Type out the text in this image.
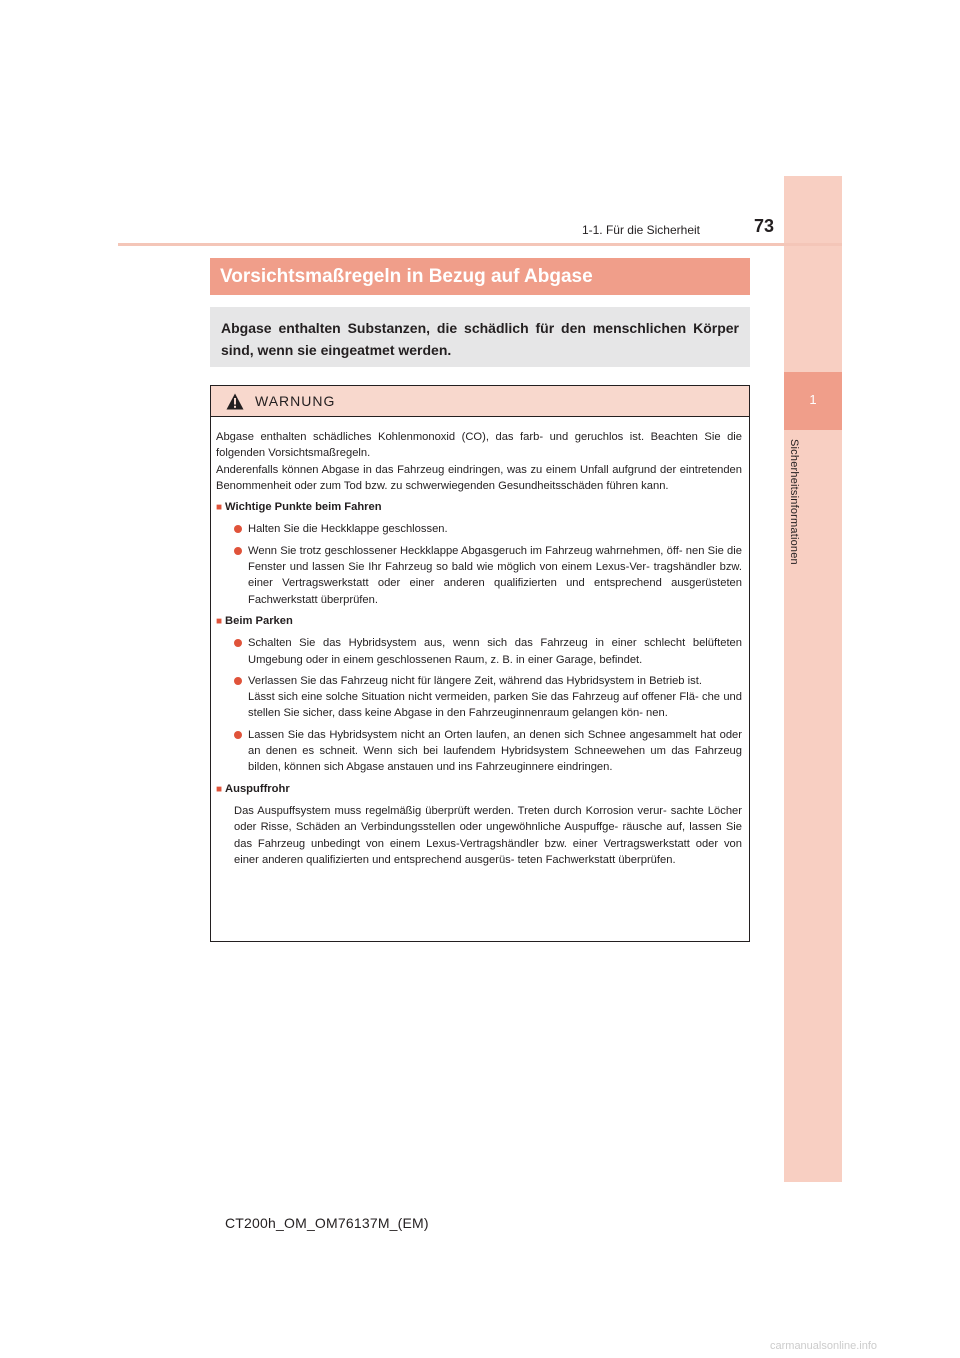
1
Sicherheitsinformationen
1-1. Für die Sicherheit	73
Vorsichtsmaßregeln in Bezug auf Abgase
Abgase enthalten Substanzen, die schädlich für den menschlichen Körper sind, wenn sie eingeatmet werden.
WARNUNG
Abgase enthalten schädliches Kohlenmonoxid (CO), das farb- und geruchlos ist. Beachten Sie die folgenden Vorsichtsmaßregeln.
Anderenfalls können Abgase in das Fahrzeug eindringen, was zu einem Unfall aufgrund der eintretenden Benommenheit oder zum Tod bzw. zu schwerwiegenden Gesundheitsschäden führen kann.
■ Wichtige Punkte beim Fahren
Halten Sie die Heckklappe geschlossen.
Wenn Sie trotz geschlossener Heckklappe Abgasgeruch im Fahrzeug wahrnehmen, öff- nen Sie die Fenster und lassen Sie Ihr Fahrzeug so bald wie möglich von einem Lexus-Ver- tragshändler bzw. einer Vertragswerkstatt oder einer anderen qualifizierten und entsprechend ausgerüsteten Fachwerkstatt überprüfen.
■ Beim Parken
Schalten Sie das Hybridsystem aus, wenn sich das Fahrzeug in einer schlecht belüfteten Umgebung oder in einem geschlossenen Raum, z. B. in einer Garage, befindet.
Verlassen Sie das Fahrzeug nicht für längere Zeit, während das Hybridsystem in Betrieb ist.
Lässt sich eine solche Situation nicht vermeiden, parken Sie das Fahrzeug auf offener Flä- che und stellen Sie sicher, dass keine Abgase in den Fahrzeuginnenraum gelangen kön- nen.
Lassen Sie das Hybridsystem nicht an Orten laufen, an denen sich Schnee angesammelt hat oder an denen es schneit. Wenn sich bei laufendem Hybridsystem Schneewehen um das Fahrzeug bilden, können sich Abgase anstauen und ins Fahrzeuginnere eindringen.
■ Auspuffrohr
Das Auspuffsystem muss regelmäßig überprüft werden. Treten durch Korrosion verur- sachte Löcher oder Risse, Schäden an Verbindungsstellen oder ungewöhnliche Auspuffge- räusche auf, lassen Sie das Fahrzeug unbedingt von einem Lexus-Vertragshändler bzw. einer Vertragswerkstatt oder von einer anderen qualifizierten und entsprechend ausgerüs- teten Fachwerkstatt überprüfen.
CT200h_OM_OM76137M_(EM)
carmanualsonline.info
